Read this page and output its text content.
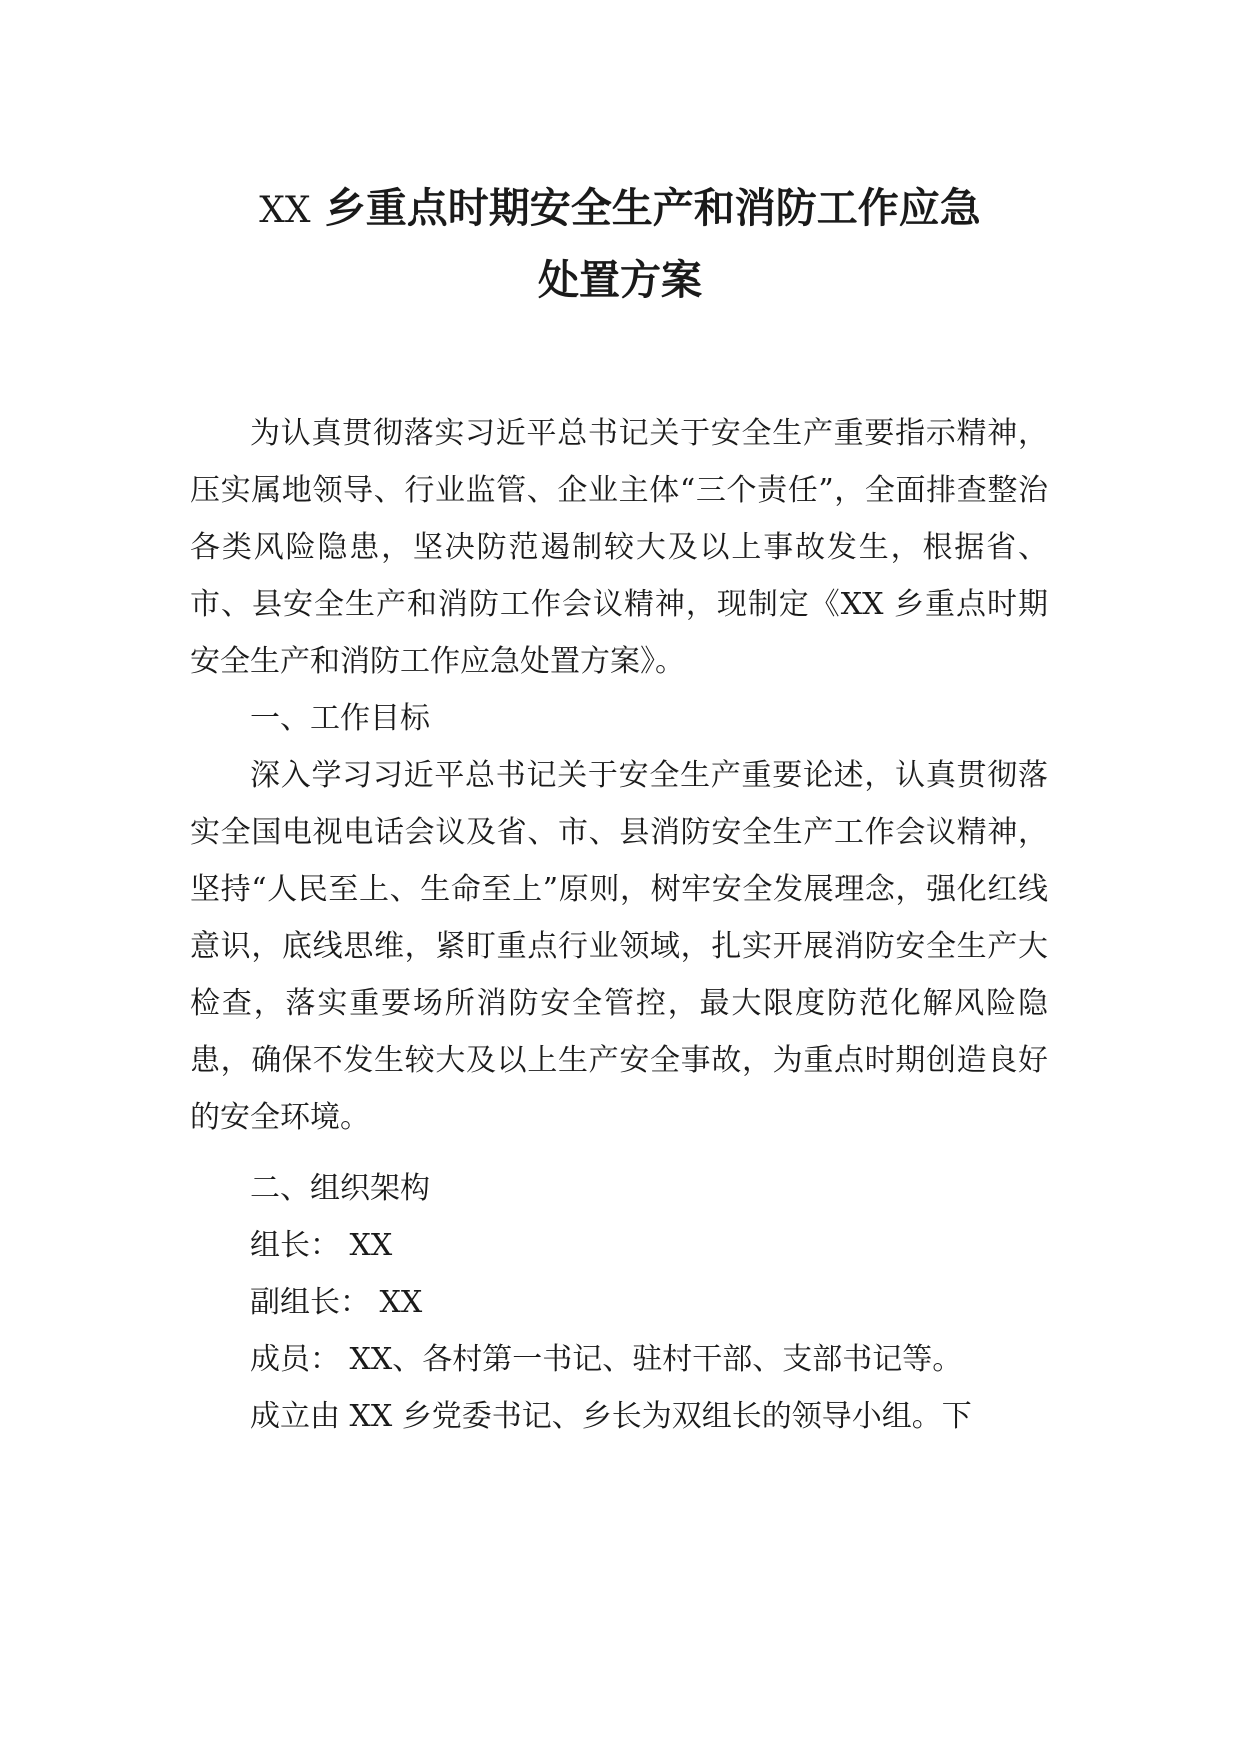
XX 乡重点时期安全生产和消防工作应急
处置方案

为认真贯彻落实习近平总书记关于安全生产重要指示精神，压实属地领导、行业监管、企业主体“三个责任”，全面排查整治各类风险隐患，坚决防范遏制较大及以上事故发生，根据省、市、县安全生产和消防工作会议精神，现制定《XX 乡重点时期安全生产和消防工作应急处置方案》。

一、工作目标

深入学习习近平总书记关于安全生产重要论述，认真贯彻落实全国电视电话会议及省、市、县消防安全生产工作会议精神，坚持“人民至上、生命至上”原则，树牢安全发展理念，强化红线意识，底线思维，紧盯重点行业领域，扎实开展消防安全生产大检查，落实重要场所消防安全管控，最大限度防范化解风险隐患，确保不发生较大及以上生产安全事故，为重点时期创造良好的安全环境。

二、组织架构

组长： XX

副组长： XX

成员： XX、各村第一书记、驻村干部、支部书记等。

成立由 XX 乡党委书记、乡长为双组长的领导小组。下
